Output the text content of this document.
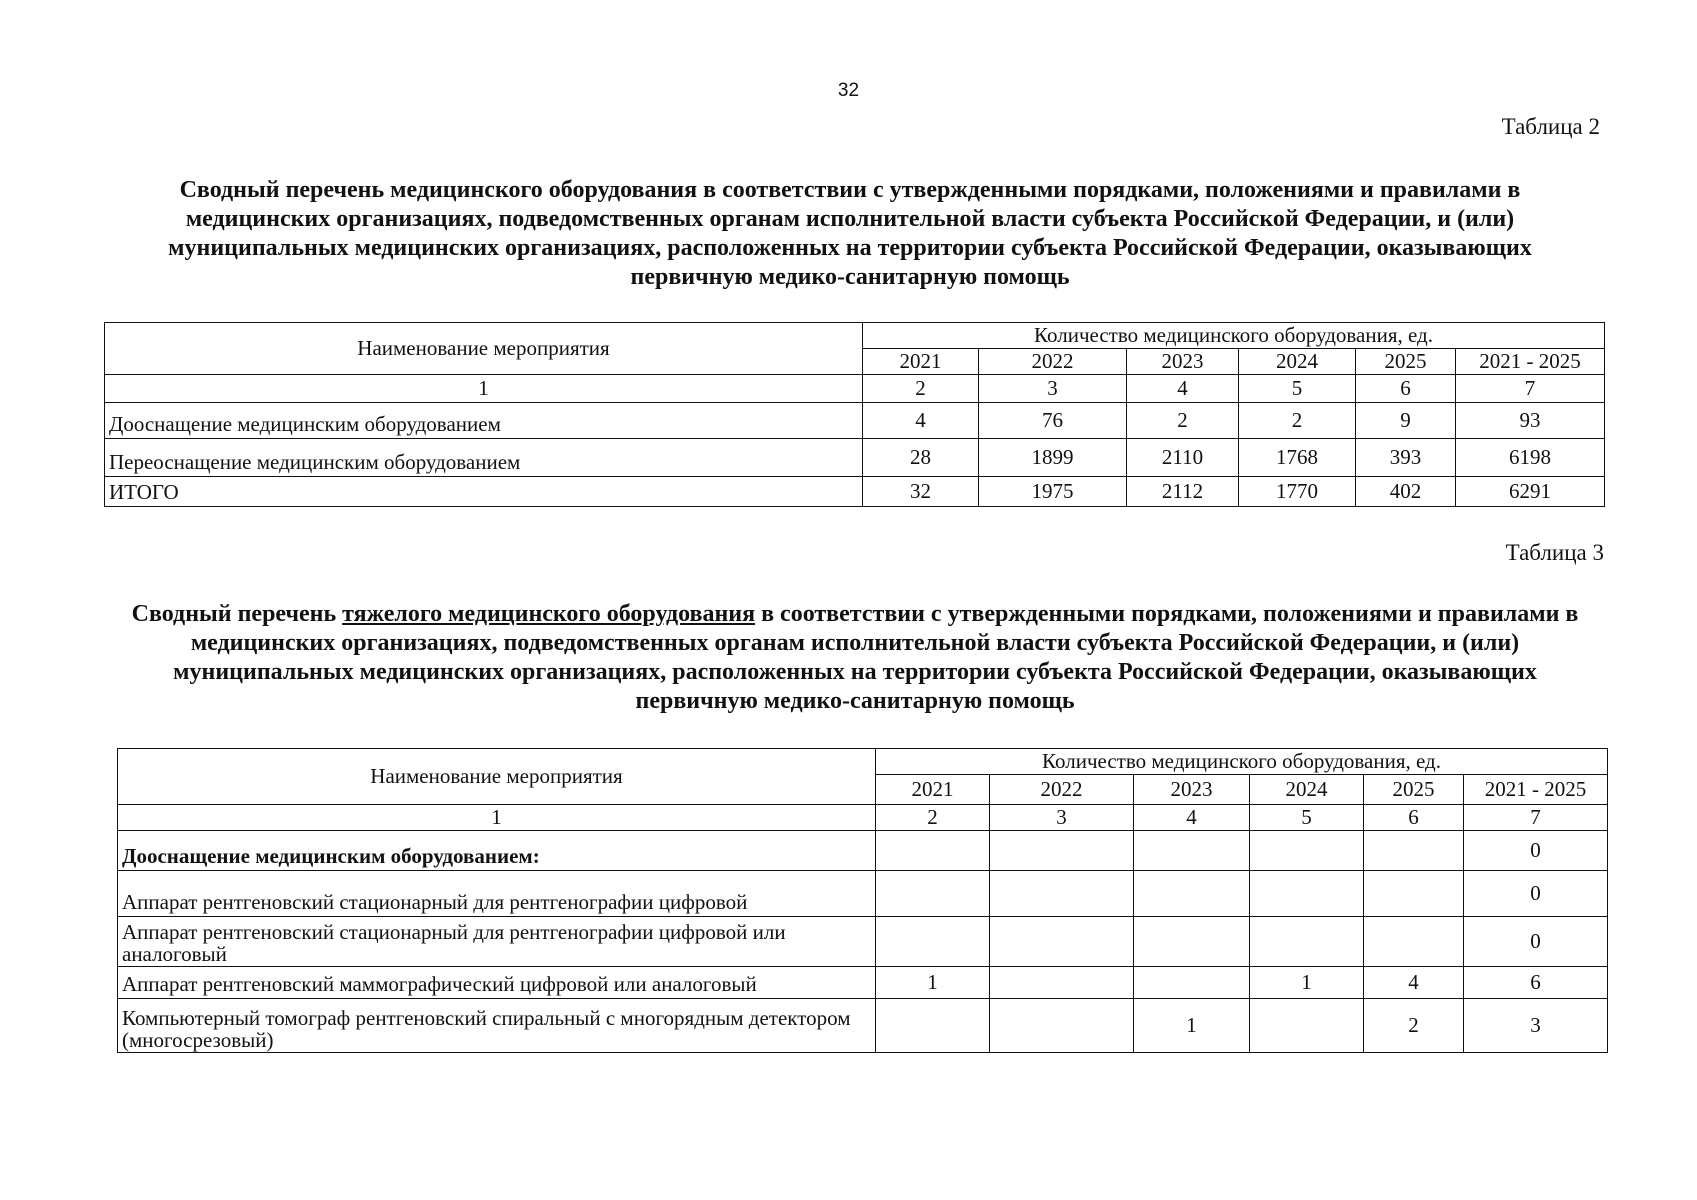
32
Таблица 2
Сводный перечень медицинского оборудования в соответствии с утвержденными порядками, положениями и правилами в медицинских организациях, подведомственных органам исполнительной власти субъекта Российской Федерации, и (или) муниципальных медицинских организациях, расположенных на территории субъекта Российской Федерации, оказывающих первичную медико-санитарную помощь
Наименование мероприятия	Количество медицинского оборудования, ед.					
	2021	2022	2023	2024	2025	2021 - 2025
1	2	3	4	5	6	7
Дооснащение медицинским оборудованием	4	76	2	2	9	93
Переоснащение медицинским оборудованием	28	1899	2110	1768	393	6198
ИТОГО	32	1975	2112	1770	402	6291
Таблица 3
Сводный перечень тяжелого медицинского оборудования в соответствии с утвержденными порядками, положениями и правилами в медицинских организациях, подведомственных органам исполнительной власти субъекта Российской Федерации, и (или) муниципальных медицинских организациях, расположенных на территории субъекта Российской Федерации, оказывающих первичную медико-санитарную помощь
Наименование мероприятия	Количество медицинского оборудования, ед.					
	2021	2022	2023	2024	2025	2021 - 2025
1	2	3	4	5	6	7
Дооснащение медицинским оборудованием:						0
Аппарат рентгеновский стационарный для рентгенографии цифровой						0
Аппарат рентгеновский стационарный для рентгенографии цифровой или аналоговый						0
Аппарат рентгеновский маммографический цифровой или аналоговый	1			1	4	6
Компьютерный томограф рентгеновский спиральный с многорядным детектором (многосрезовый)			1		2	3
